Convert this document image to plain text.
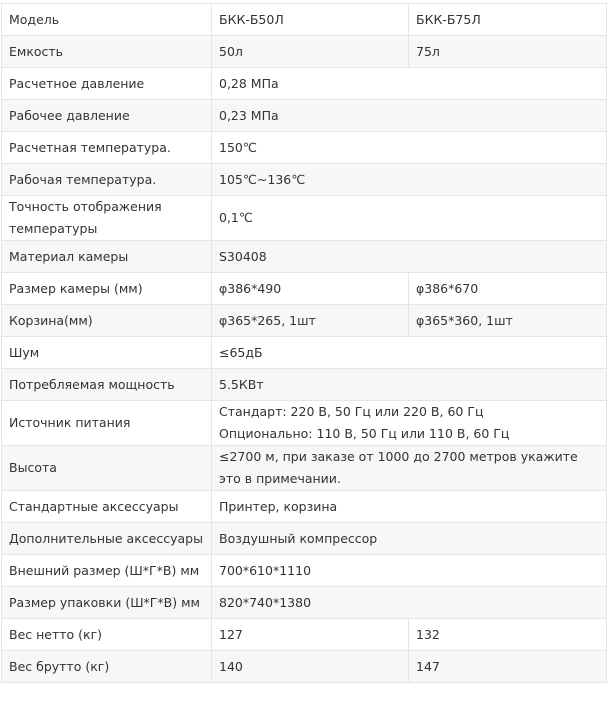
Модель	БКК-Б50Л	БКК-Б75Л
Емкость	50л	75л
Расчетное давление	0,28 МПа	
Рабочее давление	0,23 МПа	
Расчетная температура.	150℃	
Рабочая температура.	105℃~136℃	
Точность отображения температуры	0,1℃	
Материал камеры	S30408	
Размер камеры (мм)	φ386*490	φ386*670
Корзина(мм)	φ365*265, 1шт	φ365*360, 1шт
Шум	≤65дБ	
Потребляемая мощность	5.5КВт	
Источник питания	Стандарт: 220 В, 50 Гц или 220 В, 60 Гц
Опционально: 110 В, 50 Гц или 110 В, 60 Гц	

Высота	≤2700 м, при заказе от 1000 до 2700 метров укажите это в примечании.	
Стандартные аксессуары	Принтер, корзина	
Дополнительные аксессуары	Воздушный компрессор	
Внешний размер (Ш*Г*В) мм	700*610*1110	
Размер упаковки (Ш*Г*В) мм	820*740*1380	
Вес нетто (кг)	127	132
Вес брутто (кг)	140	147
